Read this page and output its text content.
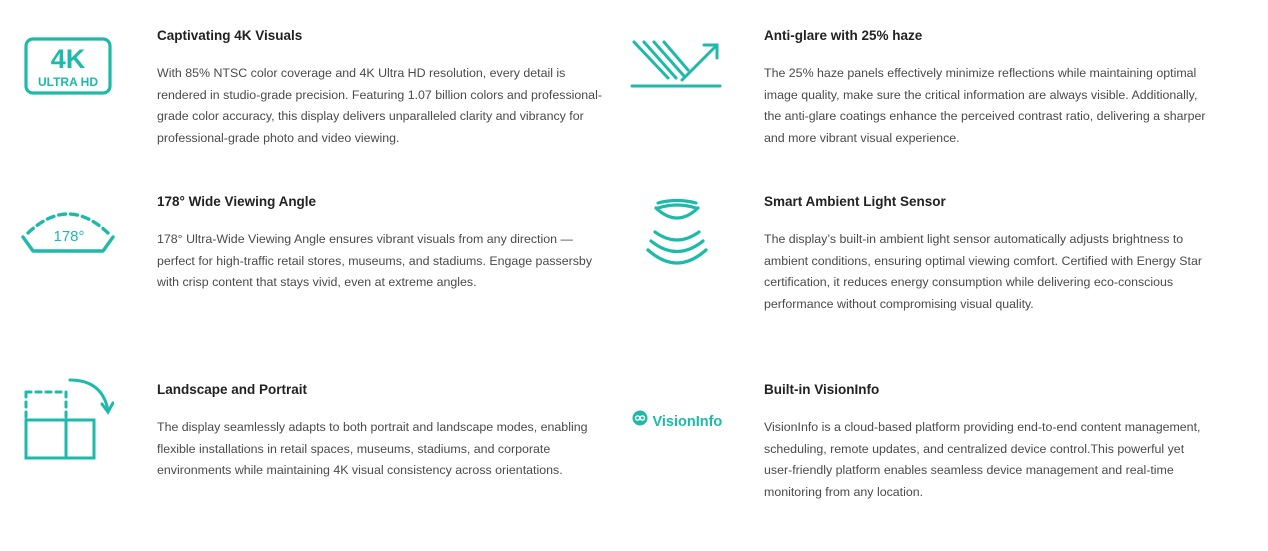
4K
ULTRA HD
Captivating 4K Visuals

With 85% NTSC color coverage and 4K Ultra HD resolution, every detail is rendered in studio-grade precision. Featuring 1.07 billion colors and professional-grade color accuracy, this display delivers unparalleled clarity and vibrancy for professional-grade photo and video viewing.

Anti-glare with 25% haze

The 25% haze panels effectively minimize reflections while maintaining optimal image quality, make sure the critical information are always visible. Additionally, the anti-glare coatings enhance the perceived contrast ratio, delivering a sharper and more vibrant visual experience.

178°
178° Wide Viewing Angle

178° Ultra-Wide Viewing Angle ensures vibrant visuals from any direction — perfect for high-traffic retail stores, museums, and stadiums. Engage passersby with crisp content that stays vivid, even at extreme angles.

Smart Ambient Light Sensor

The display’s built-in ambient light sensor automatically adjusts brightness to ambient conditions, ensuring optimal viewing comfort. Certified with Energy Star certification, it reduces energy consumption while delivering eco-conscious performance without compromising visual quality.

Landscape and Portrait

The display seamlessly adapts to both portrait and landscape modes, enabling flexible installations in retail spaces, museums, stadiums, and corporate environments while maintaining 4K visual consistency across orientations.

VisionInfo
Built-in VisionInfo

VisionInfo is a cloud-based platform providing end-to-end content management, scheduling, remote updates, and centralized device control.This powerful yet user-friendly platform enables seamless device management and real-time monitoring from any location.
